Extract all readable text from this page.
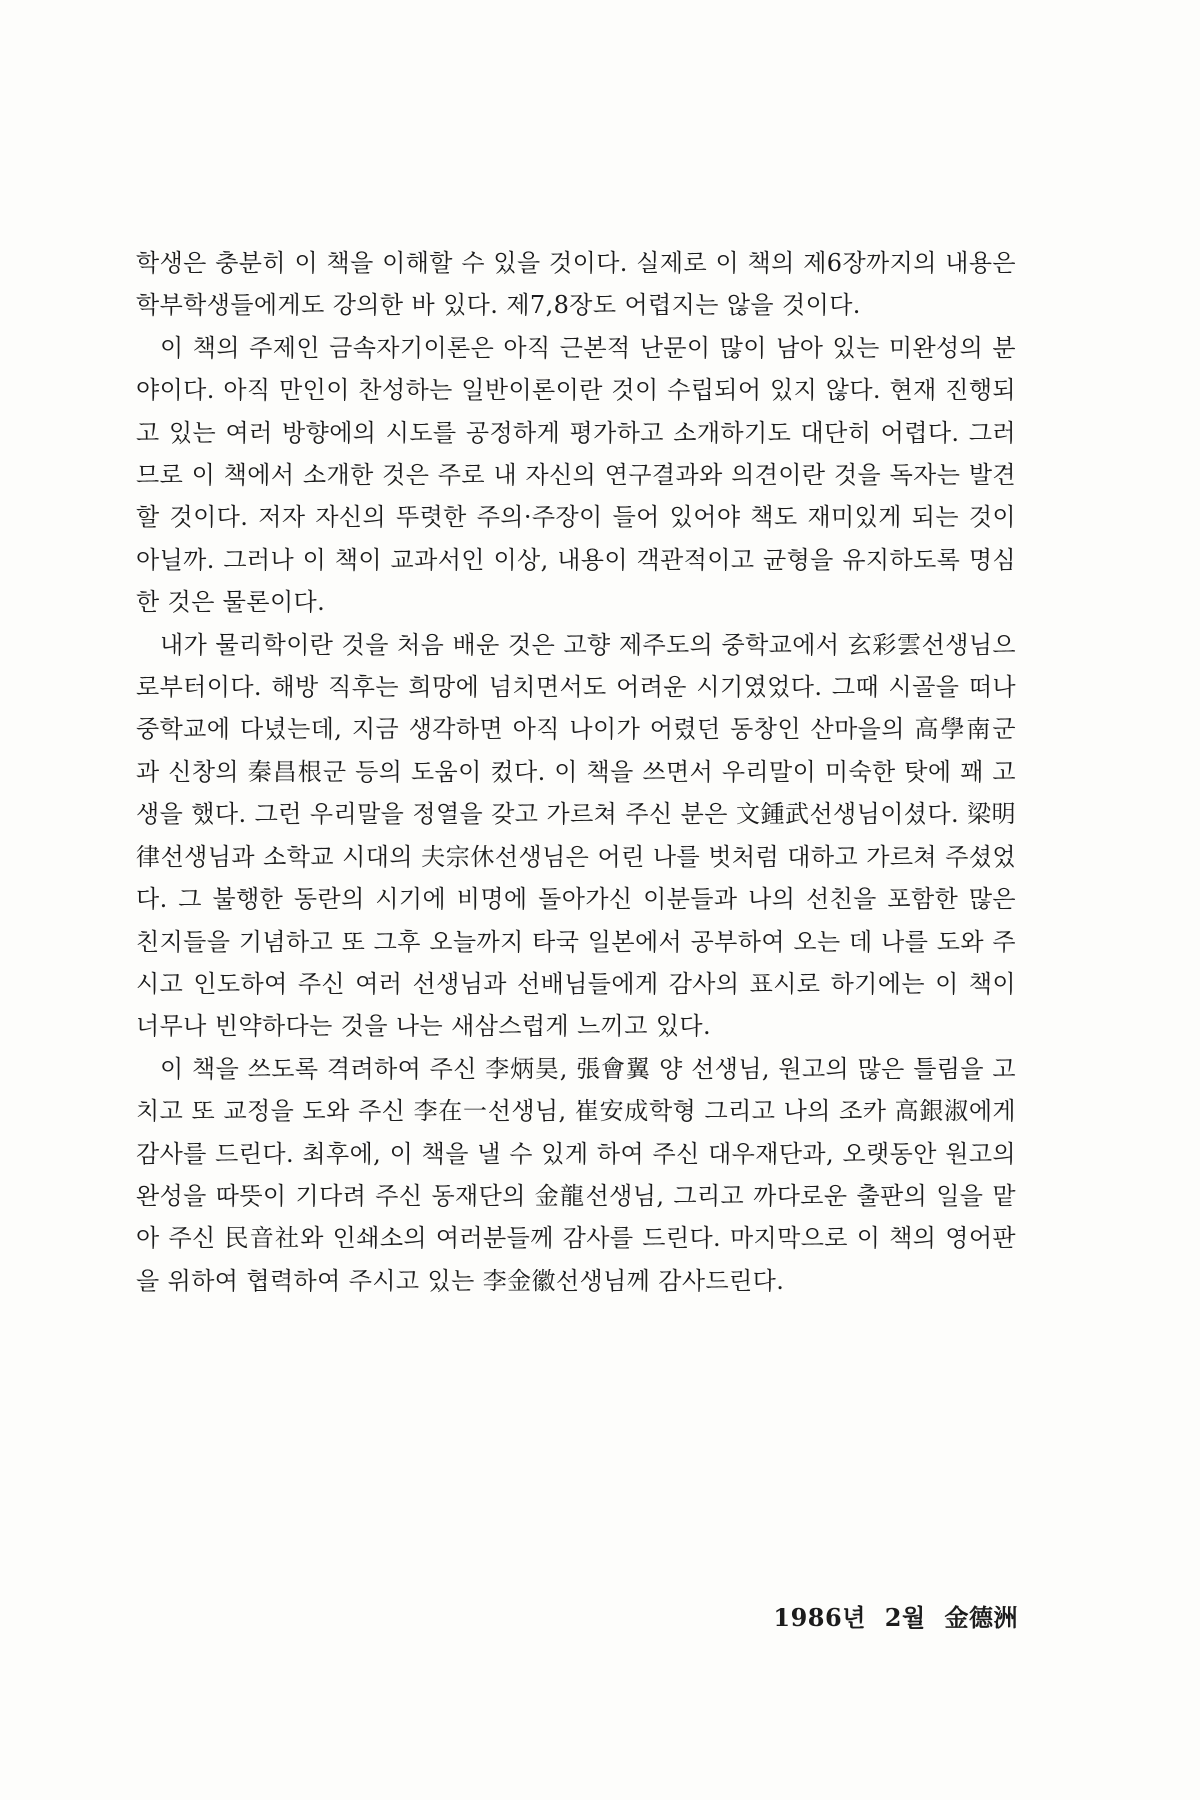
학생은 충분히 이 책을 이해할 수 있을 것이다. 실제로 이 책의 제6장까지의 내용은 학부학생들에게도 강의한 바 있다. 제7,8장도 어렵지는 않을 것이다.

이 책의 주제인 금속자기이론은 아직 근본적 난문이 많이 남아 있는 미완성의 분야이다. 아직 만인이 찬성하는 일반이론이란 것이 수립되어 있지 않다. 현재 진행되고 있는 여러 방향에의 시도를 공정하게 평가하고 소개하기도 대단히 어렵다. 그러므로 이 책에서 소개한 것은 주로 내 자신의 연구결과와 의견이란 것을 독자는 발견할 것이다. 저자 자신의 뚜렷한 주의·주장이 들어 있어야 책도 재미있게 되는 것이 아닐까. 그러나 이 책이 교과서인 이상, 내용이 객관적이고 균형을 유지하도록 명심한 것은 물론이다.

내가 물리학이란 것을 처음 배운 것은 고향 제주도의 중학교에서 玄彩雲선생님으로부터이다. 해방 직후는 희망에 넘치면서도 어려운 시기였었다. 그때 시골을 떠나 중학교에 다녔는데, 지금 생각하면 아직 나이가 어렸던 동창인 산마을의 高學南군과 신창의 秦昌根군 등의 도움이 컸다. 이 책을 쓰면서 우리말이 미숙한 탓에 꽤 고생을 했다. 그런 우리말을 정열을 갖고 가르쳐 주신 분은 文鍾武선생님이셨다. 梁明律선생님과 소학교 시대의 夫宗休선생님은 어린 나를 벗처럼 대하고 가르쳐 주셨었다. 그 불행한 동란의 시기에 비명에 돌아가신 이분들과 나의 선친을 포함한 많은 친지들을 기념하고 또 그후 오늘까지 타국 일본에서 공부하여 오는 데 나를 도와 주시고 인도하여 주신 여러 선생님과 선배님들에게 감사의 표시로 하기에는 이 책이 너무나 빈약하다는 것을 나는 새삼스럽게 느끼고 있다.

이 책을 쓰도록 격려하여 주신 李炳昊, 張會翼 양 선생님, 원고의 많은 틀림을 고치고 또 교정을 도와 주신 李在一선생님, 崔安成학형 그리고 나의 조카 高銀淑에게 감사를 드린다. 최후에, 이 책을 낼 수 있게 하여 주신 대우재단과, 오랫동안 원고의 완성을 따뜻이 기다려 주신 동재단의 金龍선생님, 그리고 까다로운 출판의 일을 맡아 주신 民音社와 인쇄소의 여러분들께 감사를 드린다. 마지막으로 이 책의 영어판을 위하여 협력하여 주시고 있는 李金徽선생님께 감사드린다.

1986년 2월 金德洲
